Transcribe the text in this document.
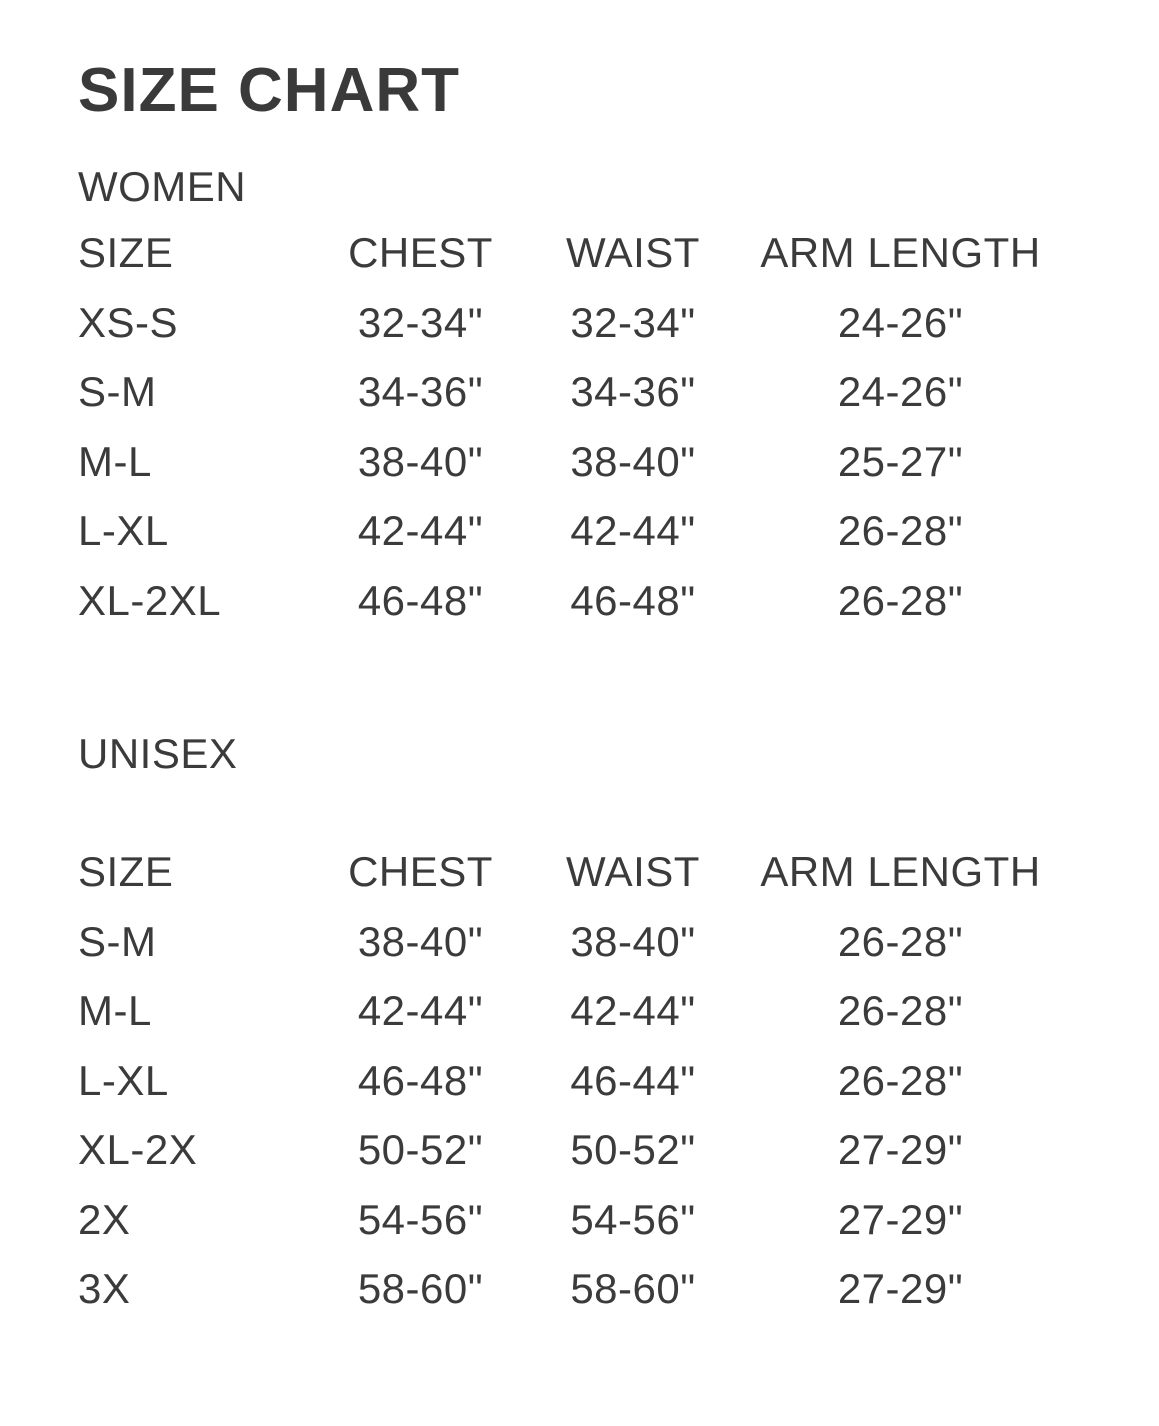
SIZE CHART
WOMEN
SIZE	CHEST	WAIST	ARM LENGTH
XS-S	32-34"	32-34"	24-26"
S-M	34-36"	34-36"	24-26"
M-L	38-40"	38-40"	25-27"
L-XL	42-44"	42-44"	26-28"
XL-2XL	46-48"	46-48"	26-28"
UNISEX
SIZE	CHEST	WAIST	ARM LENGTH
S-M	38-40"	38-40"	26-28"
M-L	42-44"	42-44"	26-28"
L-XL	46-48"	46-44"	26-28"
XL-2X	50-52"	50-52"	27-29"
2X	54-56"	54-56"	27-29"
3X	58-60"	58-60"	27-29"
